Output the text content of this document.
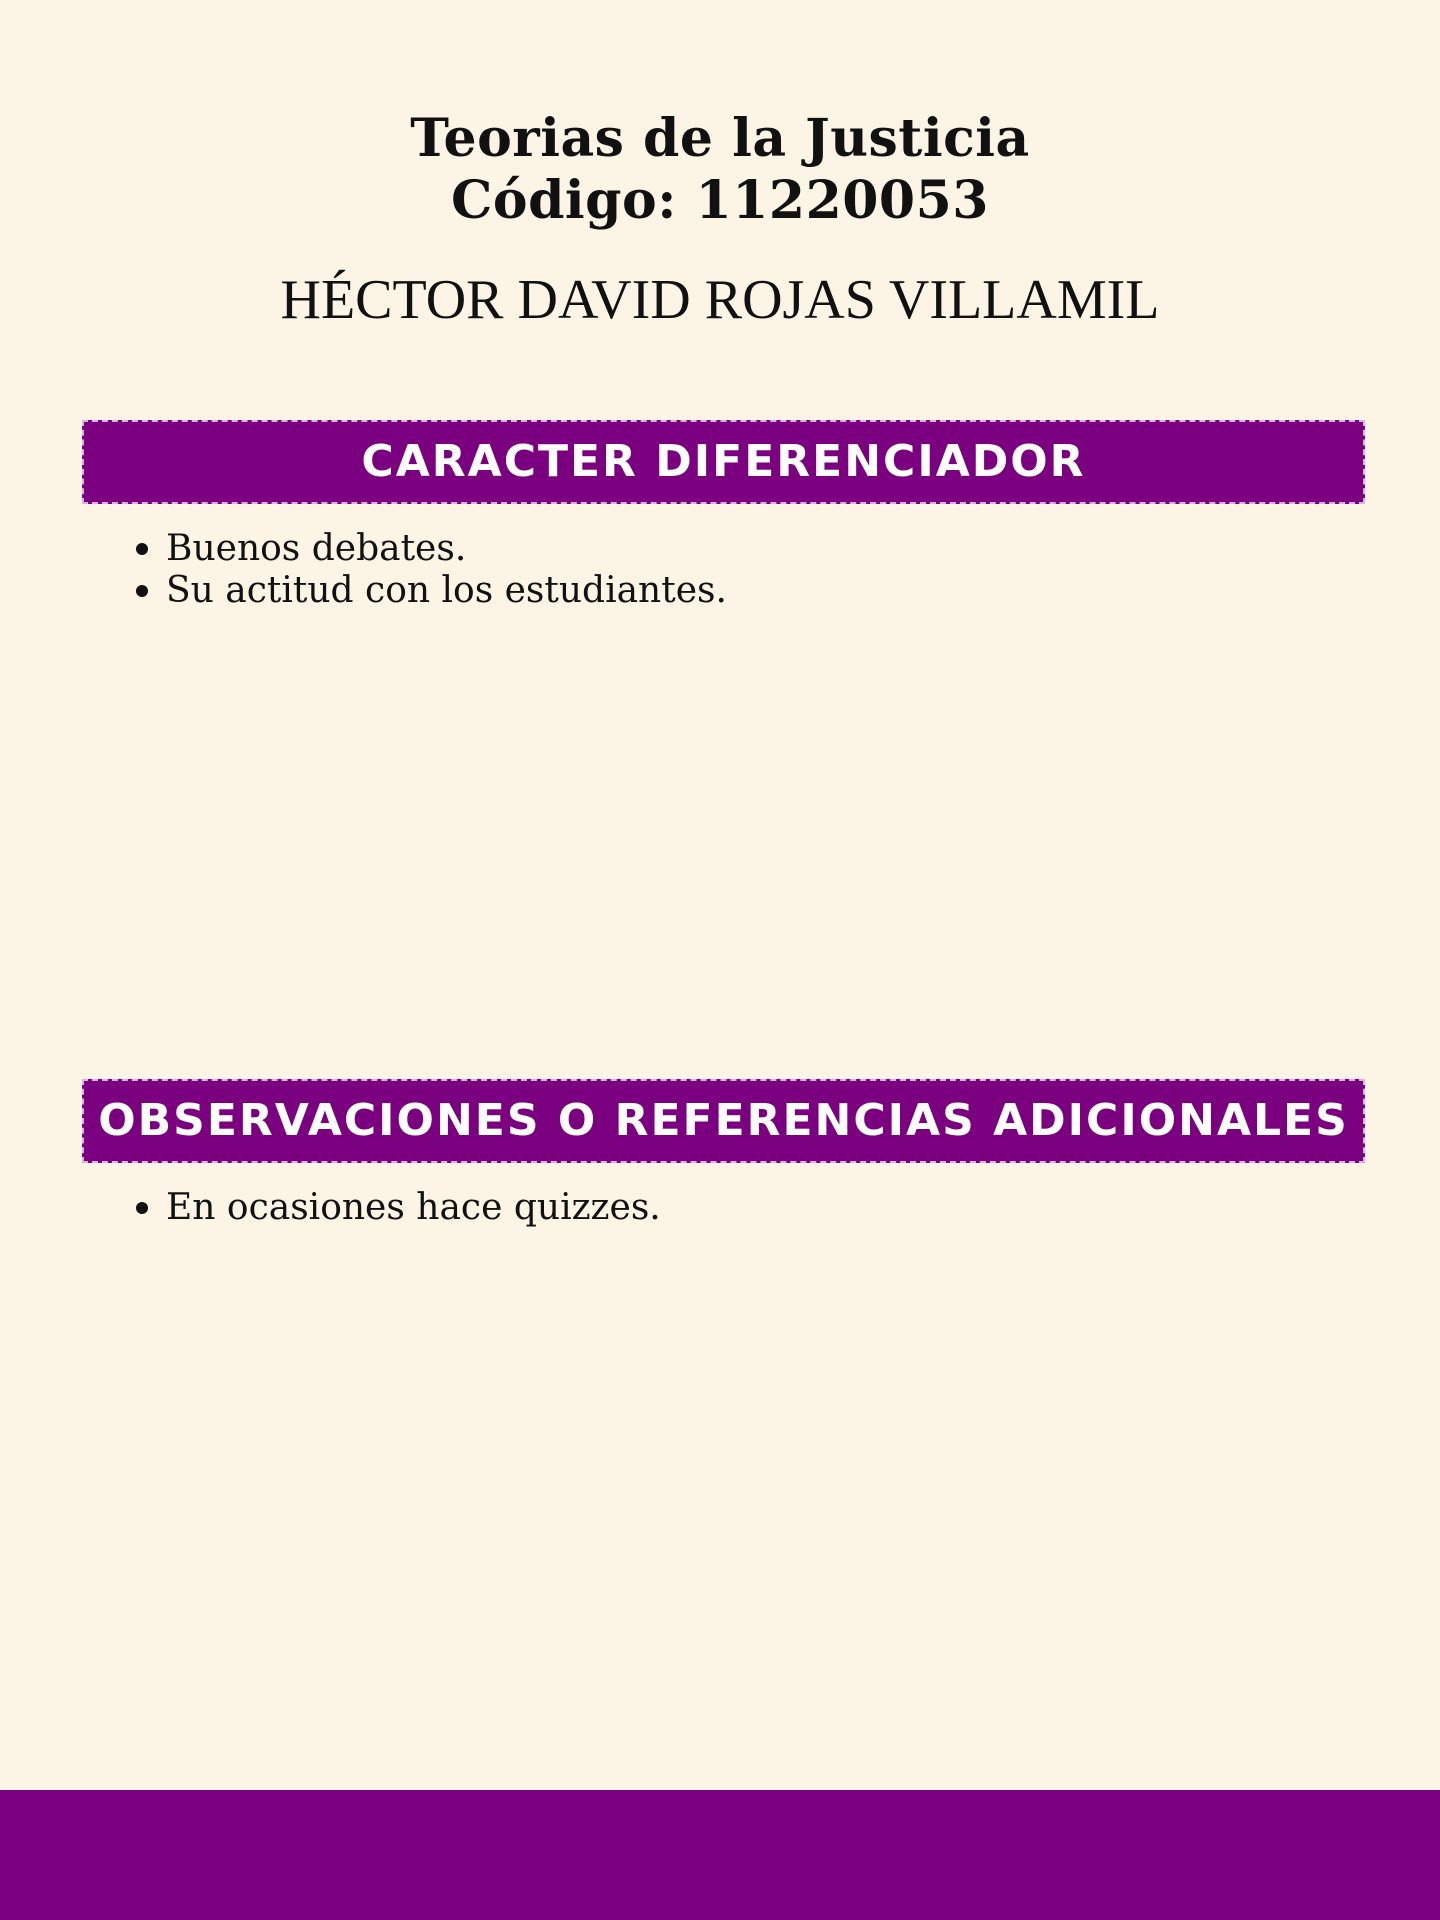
Teorias de la Justicia
Código: 11220053
HÉCTOR DAVID ROJAS VILLAMIL
CARACTER DIFERENCIADOR
Buenos debates.
Su actitud con los estudiantes.
OBSERVACIONES O REFERENCIAS ADICIONALES
En ocasiones hace quizzes.
